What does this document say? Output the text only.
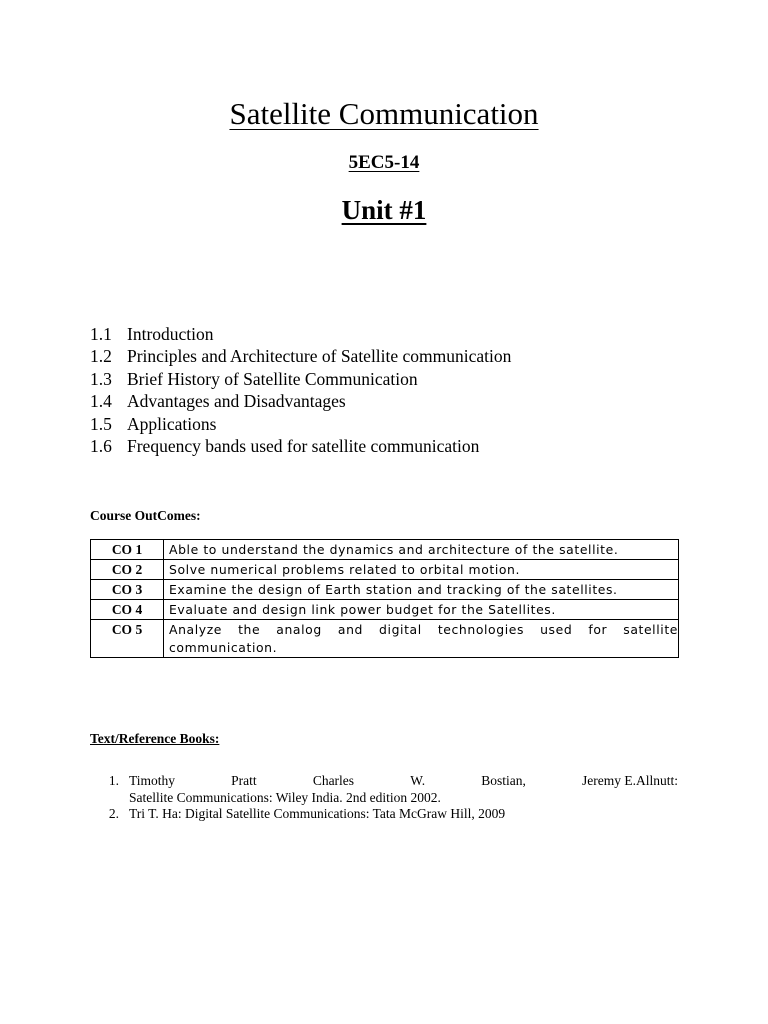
Satellite Communication
5EC5-14
Unit #1
1.1 Introduction
1.2 Principles and Architecture of Satellite communication
1.3 Brief History of Satellite Communication
1.4 Advantages and Disadvantages
1.5 Applications
1.6 Frequency bands used for satellite communication
Course OutComes:
CO 1	Able to understand the dynamics and architecture of the satellite.
CO 2	Solve numerical problems related to orbital motion.
CO 3	Examine the design of Earth station and tracking of the satellites.
CO 4	Evaluate and design link power budget for the Satellites.
CO 5	Analyze the analog and digital technologies used for satellite communication.
Text/Reference Books:
1. Timothy	Pratt	Charles	W.	Bostian,	Jeremy E.Allnutt:
Satellite Communications: Wiley India. 2nd edition 2002.
2. Tri T. Ha: Digital Satellite Communications: Tata McGraw Hill, 2009
